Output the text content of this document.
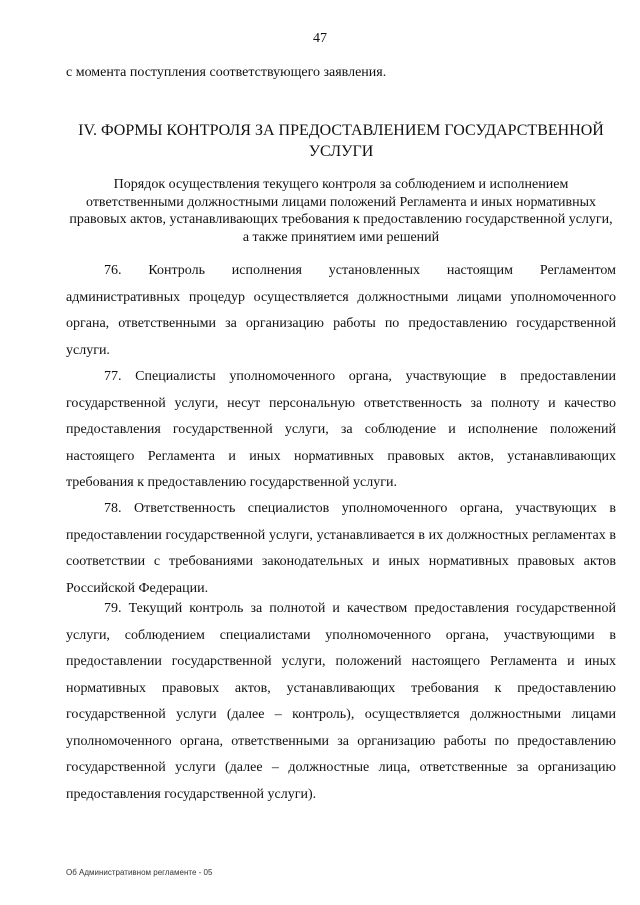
47
с момента поступления соответствующего заявления.
IV. ФОРМЫ КОНТРОЛЯ ЗА ПРЕДОСТАВЛЕНИЕМ ГОСУДАРСТВЕННОЙ УСЛУГИ
Порядок осуществления текущего контроля за соблюдением и исполнением ответственными должностными лицами положений Регламента и иных нормативных правовых актов, устанавливающих требования к предоставлению государственной услуги, а также принятием ими решений

76. Контроль исполнения установленных настоящим Регламентом административных процедур осуществляется должностными лицами уполномоченного органа, ответственными за организацию работы по предоставлению государственной услуги.

77. Специалисты уполномоченного органа, участвующие в предоставлении государственной услуги, несут персональную ответственность за полноту и качество предоставления государственной услуги, за соблюдение и исполнение положений настоящего Регламента и иных нормативных правовых актов, устанавливающих требования к предоставлению государственной услуги.

78. Ответственность специалистов уполномоченного органа, участвующих в предоставлении государственной услуги, устанавливается в их должностных регламентах в соответствии с требованиями законодательных и иных нормативных правовых актов Российской Федерации.

79. Текущий контроль за полнотой и качеством предоставления государственной услуги, соблюдением специалистами уполномоченного органа, участвующими в предоставлении государственной услуги, положений настоящего Регламента и иных нормативных правовых актов, устанавливающих требования к предоставлению государственной услуги (далее – контроль), осуществляется должностными лицами уполномоченного органа, ответственными за организацию работы по предоставлению государственной услуги (далее – должностные лица, ответственные за организацию предоставления государственной услуги).

Об Административном регламенте - 05
